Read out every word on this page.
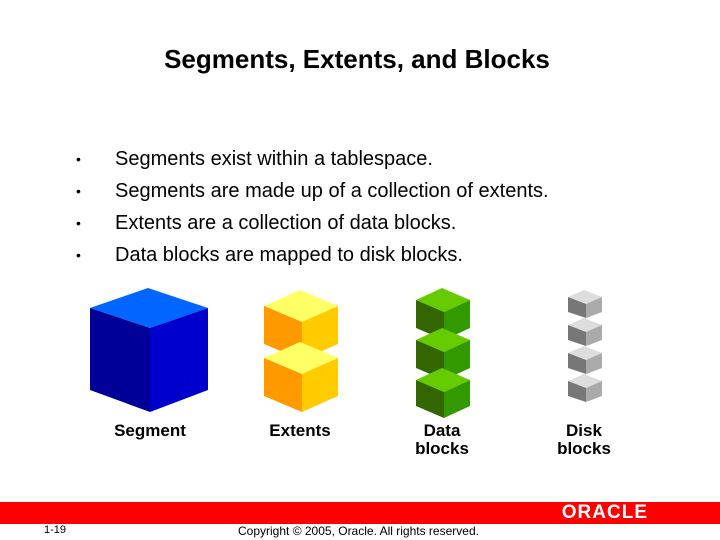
Segments, Extents, and Blocks
• Segments exist within a tablespace.
• Segments are made up of a collection of extents.
• Extents are a collection of data blocks.
• Data blocks are mapped to disk blocks.
Segment	Extents	Data
blocks
Disk
blocks
ORACLE
1-19	Copyright © 2005, Oracle. All rights reserved.
